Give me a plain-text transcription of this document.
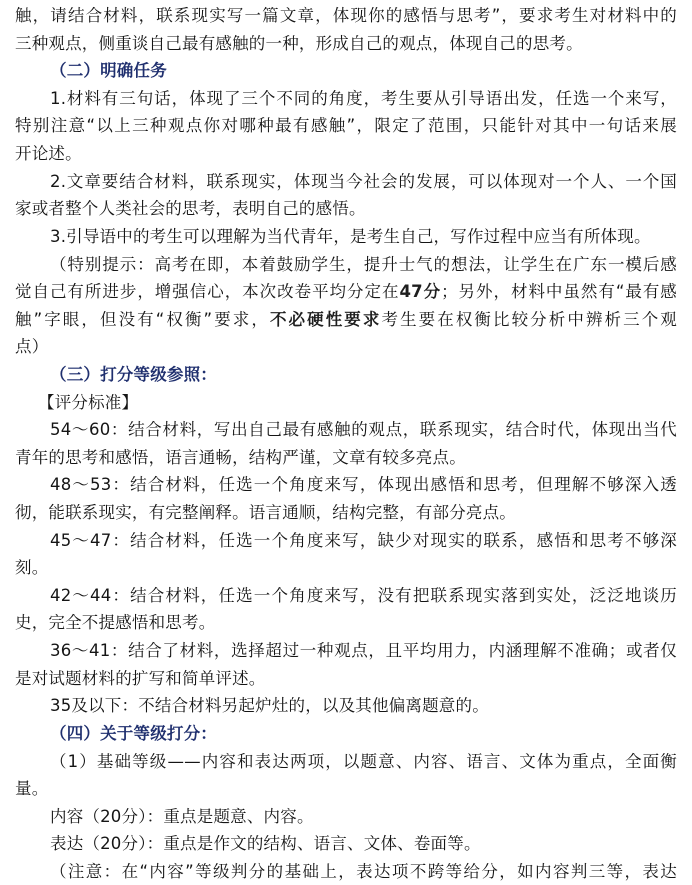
触，请结合材料，联系现实写一篇文章，体现你的感悟与思考”，要求考生对材料中的
三种观点，侧重谈自己最有感触的一种，形成自己的观点，体现自己的思考。
（二）明确任务
1.材料有三句话，体现了三个不同的角度，考生要从引导语出发，任选一个来写，
特别注意“以上三种观点你对哪种最有感触”，限定了范围，只能针对其中一句话来展
开论述。
2.文章要结合材料，联系现实，体现当今社会的发展，可以体现对一个人、一个国
家或者整个人类社会的思考，表明自己的感悟。
3.引导语中的考生可以理解为当代青年，是考生自己，写作过程中应当有所体现。
（特别提示：高考在即，本着鼓励学生，提升士气的想法，让学生在广东一模后感
觉自己有所进步，增强信心，本次改卷平均分定在47分；另外，材料中虽然有“最有感
触”字眼，但没有“权衡”要求，不必硬性要求考生要在权衡比较分析中辨析三个观
点）
（三）打分等级参照：
【评分标准】
54～60：结合材料，写出自己最有感触的观点，联系现实，结合时代，体现出当代
青年的思考和感悟，语言通畅，结构严谨，文章有较多亮点。
48～53：结合材料，任选一个角度来写，体现出感悟和思考，但理解不够深入透
彻，能联系现实，有完整阐释。语言通顺，结构完整，有部分亮点。
45～47：结合材料，任选一个角度来写，缺少对现实的联系，感悟和思考不够深
刻。
42～44：结合材料，任选一个角度来写，没有把联系现实落到实处，泛泛地谈历
史，完全不提感悟和思考。
36～41：结合了材料，选择超过一种观点，且平均用力，内涵理解不准确；或者仅
是对试题材料的扩写和简单评述。
35及以下：不结合材料另起炉灶的，以及其他偏离题意的。
（四）关于等级打分：
（1）基础等级——内容和表达两项，以题意、内容、语言、文体为重点，全面衡
量。
内容（20分）：重点是题意、内容。
表达（20分）：重点是作文的结构、语言、文体、卷面等。
（注意：在“内容”等级判分的基础上，表达项不跨等给分，如内容判三等，表达
